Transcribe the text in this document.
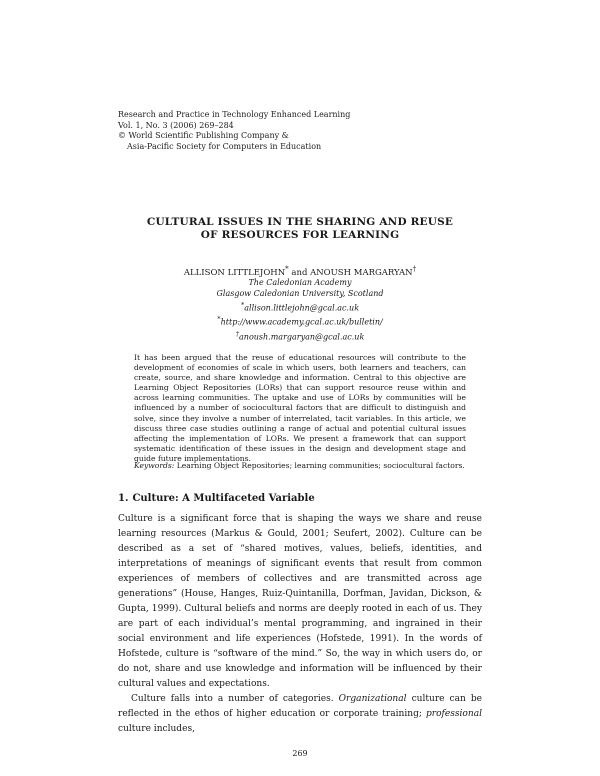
Research and Practice in Technology Enhanced Learning
Vol. 1, No. 3 (2006) 269–284
© World Scientific Publishing Company &
Asia-Pacific Society for Computers in Education
CULTURAL ISSUES IN THE SHARING AND REUSE
OF RESOURCES FOR LEARNING
ALLISON LITTLEJOHN* and ANOUSH MARGARYAN†
The Caledonian Academy
Glasgow Caledonian University, Scotland
*allison.littlejohn@gcal.ac.uk
*http://www.academy.gcal.ac.uk/bulletin/
†anoush.margaryan@gcal.ac.uk

It has been argued that the reuse of educational resources will contribute to the development of economies of scale in which users, both learners and teachers, can create, source, and share knowledge and information. Central to this objective are Learning Object Repositories (LORs) that can support resource reuse within and across learning communities. The uptake and use of LORs by communities will be influenced by a number of sociocultural factors that are difficult to distinguish and solve, since they involve a number of interrelated, tacit variables. In this article, we discuss three case studies outlining a range of actual and potential cultural issues affecting the implementation of LORs. We present a framework that can support systematic identification of these issues in the design and development stage and guide future implementations.

Keywords: Learning Object Repositories; learning communities; sociocultural factors.
1. Culture: A Multifaceted Variable

Culture is a significant force that is shaping the ways we share and reuse learning resources (Markus & Gould, 2001; Seufert, 2002). Culture can be described as a set of “shared motives, values, beliefs, identities, and interpretations of meanings of significant events that result from common experiences of members of collectives and are transmitted across age generations” (House, Hanges, Ruiz-Quintanilla, Dorfman, Javidan, Dickson, & Gupta, 1999). Cultural beliefs and norms are deeply rooted in each of us. They are part of each individual’s mental programming, and ingrained in their social environment and life experiences (Hofstede, 1991). In the words of Hofstede, culture is “software of the mind.” So, the way in which users do, or do not, share and use knowledge and information will be influenced by their cultural values and expectations.

Culture falls into a number of categories. Organizational culture can be reflected in the ethos of higher education or corporate training; professional culture includes,

269
